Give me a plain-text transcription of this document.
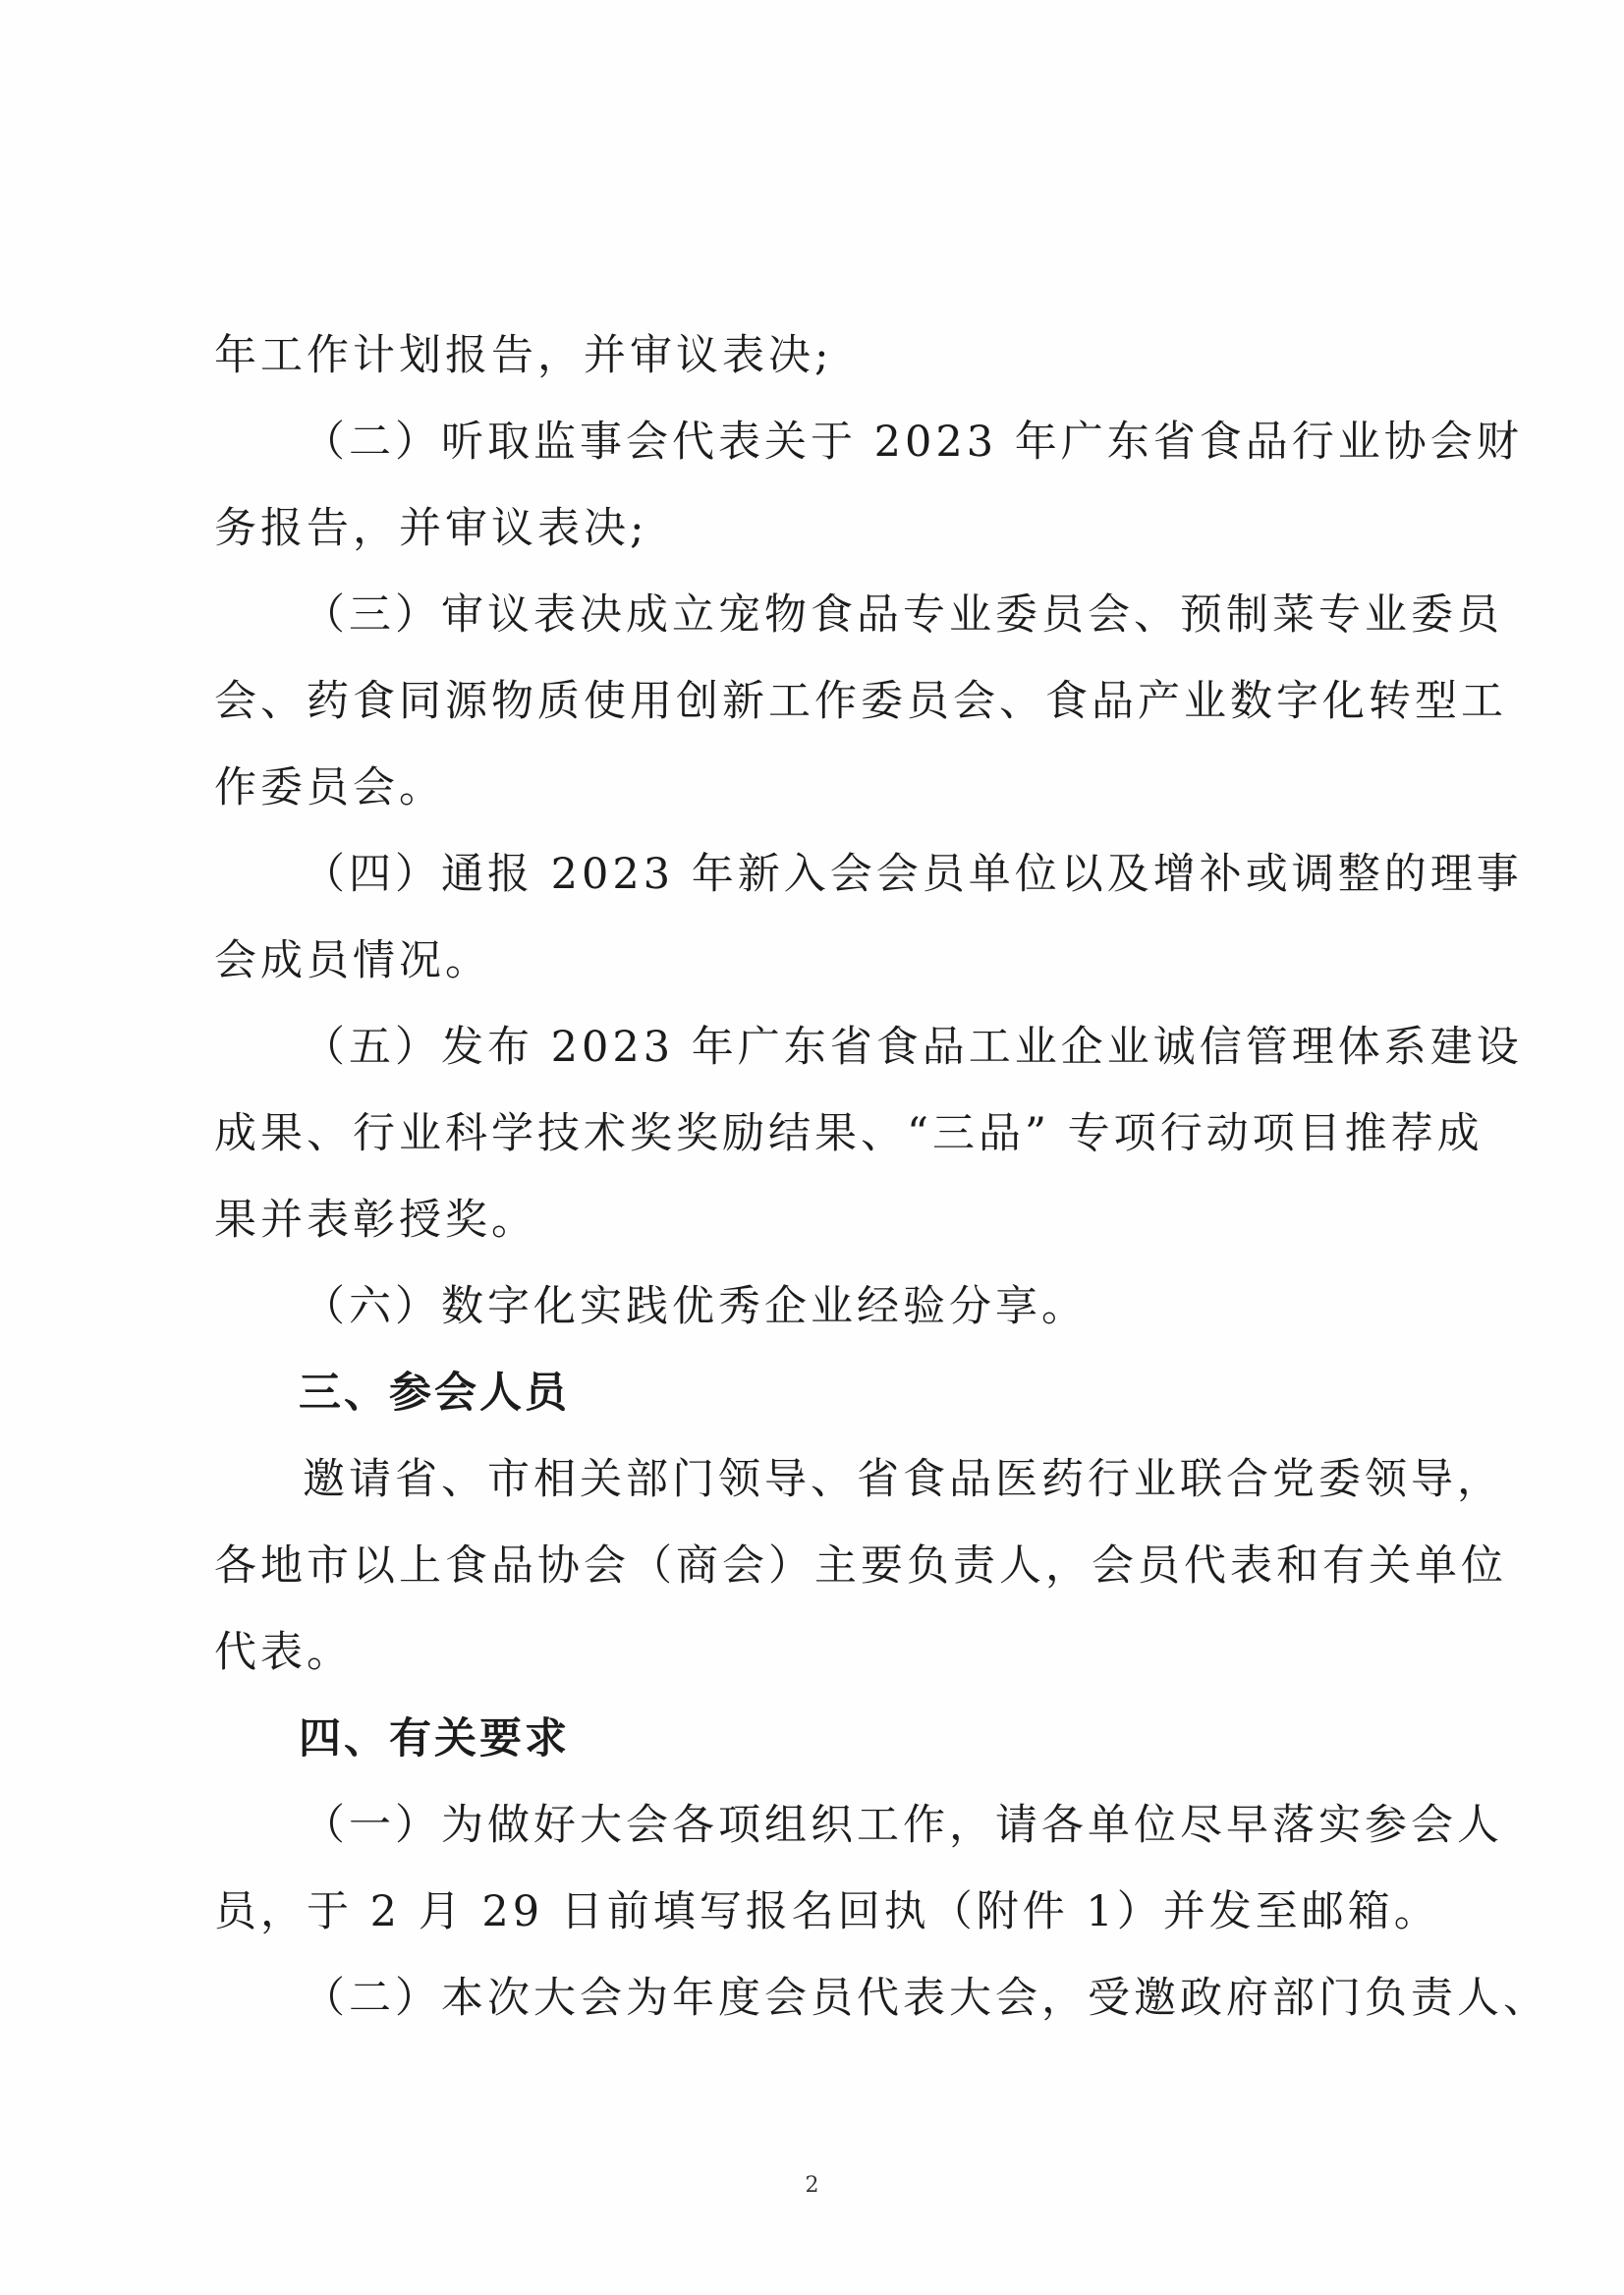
年工作计划报告，并审议表决;
（二）听取监事会代表关于 2023 年广东省食品行业协会财
务报告，并审议表决;
（三）审议表决成立宠物食品专业委员会、预制菜专业委员
会、药食同源物质使用创新工作委员会、食品产业数字化转型工
作委员会。
（四）通报 2023 年新入会会员单位以及增补或调整的理事
会成员情况。
（五）发布 2023 年广东省食品工业企业诚信管理体系建设
成果、行业科学技术奖奖励结果、“三品” 专项行动项目推荐成
果并表彰授奖。
（六）数字化实践优秀企业经验分享。
三、参会人员
邀请省、市相关部门领导、省食品医药行业联合党委领导，
各地市以上食品协会（商会）主要负责人，会员代表和有关单位
代表。
四、有关要求
（一）为做好大会各项组织工作，请各单位尽早落实参会人
员，于 2 月 29 日前填写报名回执（附件 1）并发至邮箱。
（二）本次大会为年度会员代表大会，受邀政府部门负责人、
2
